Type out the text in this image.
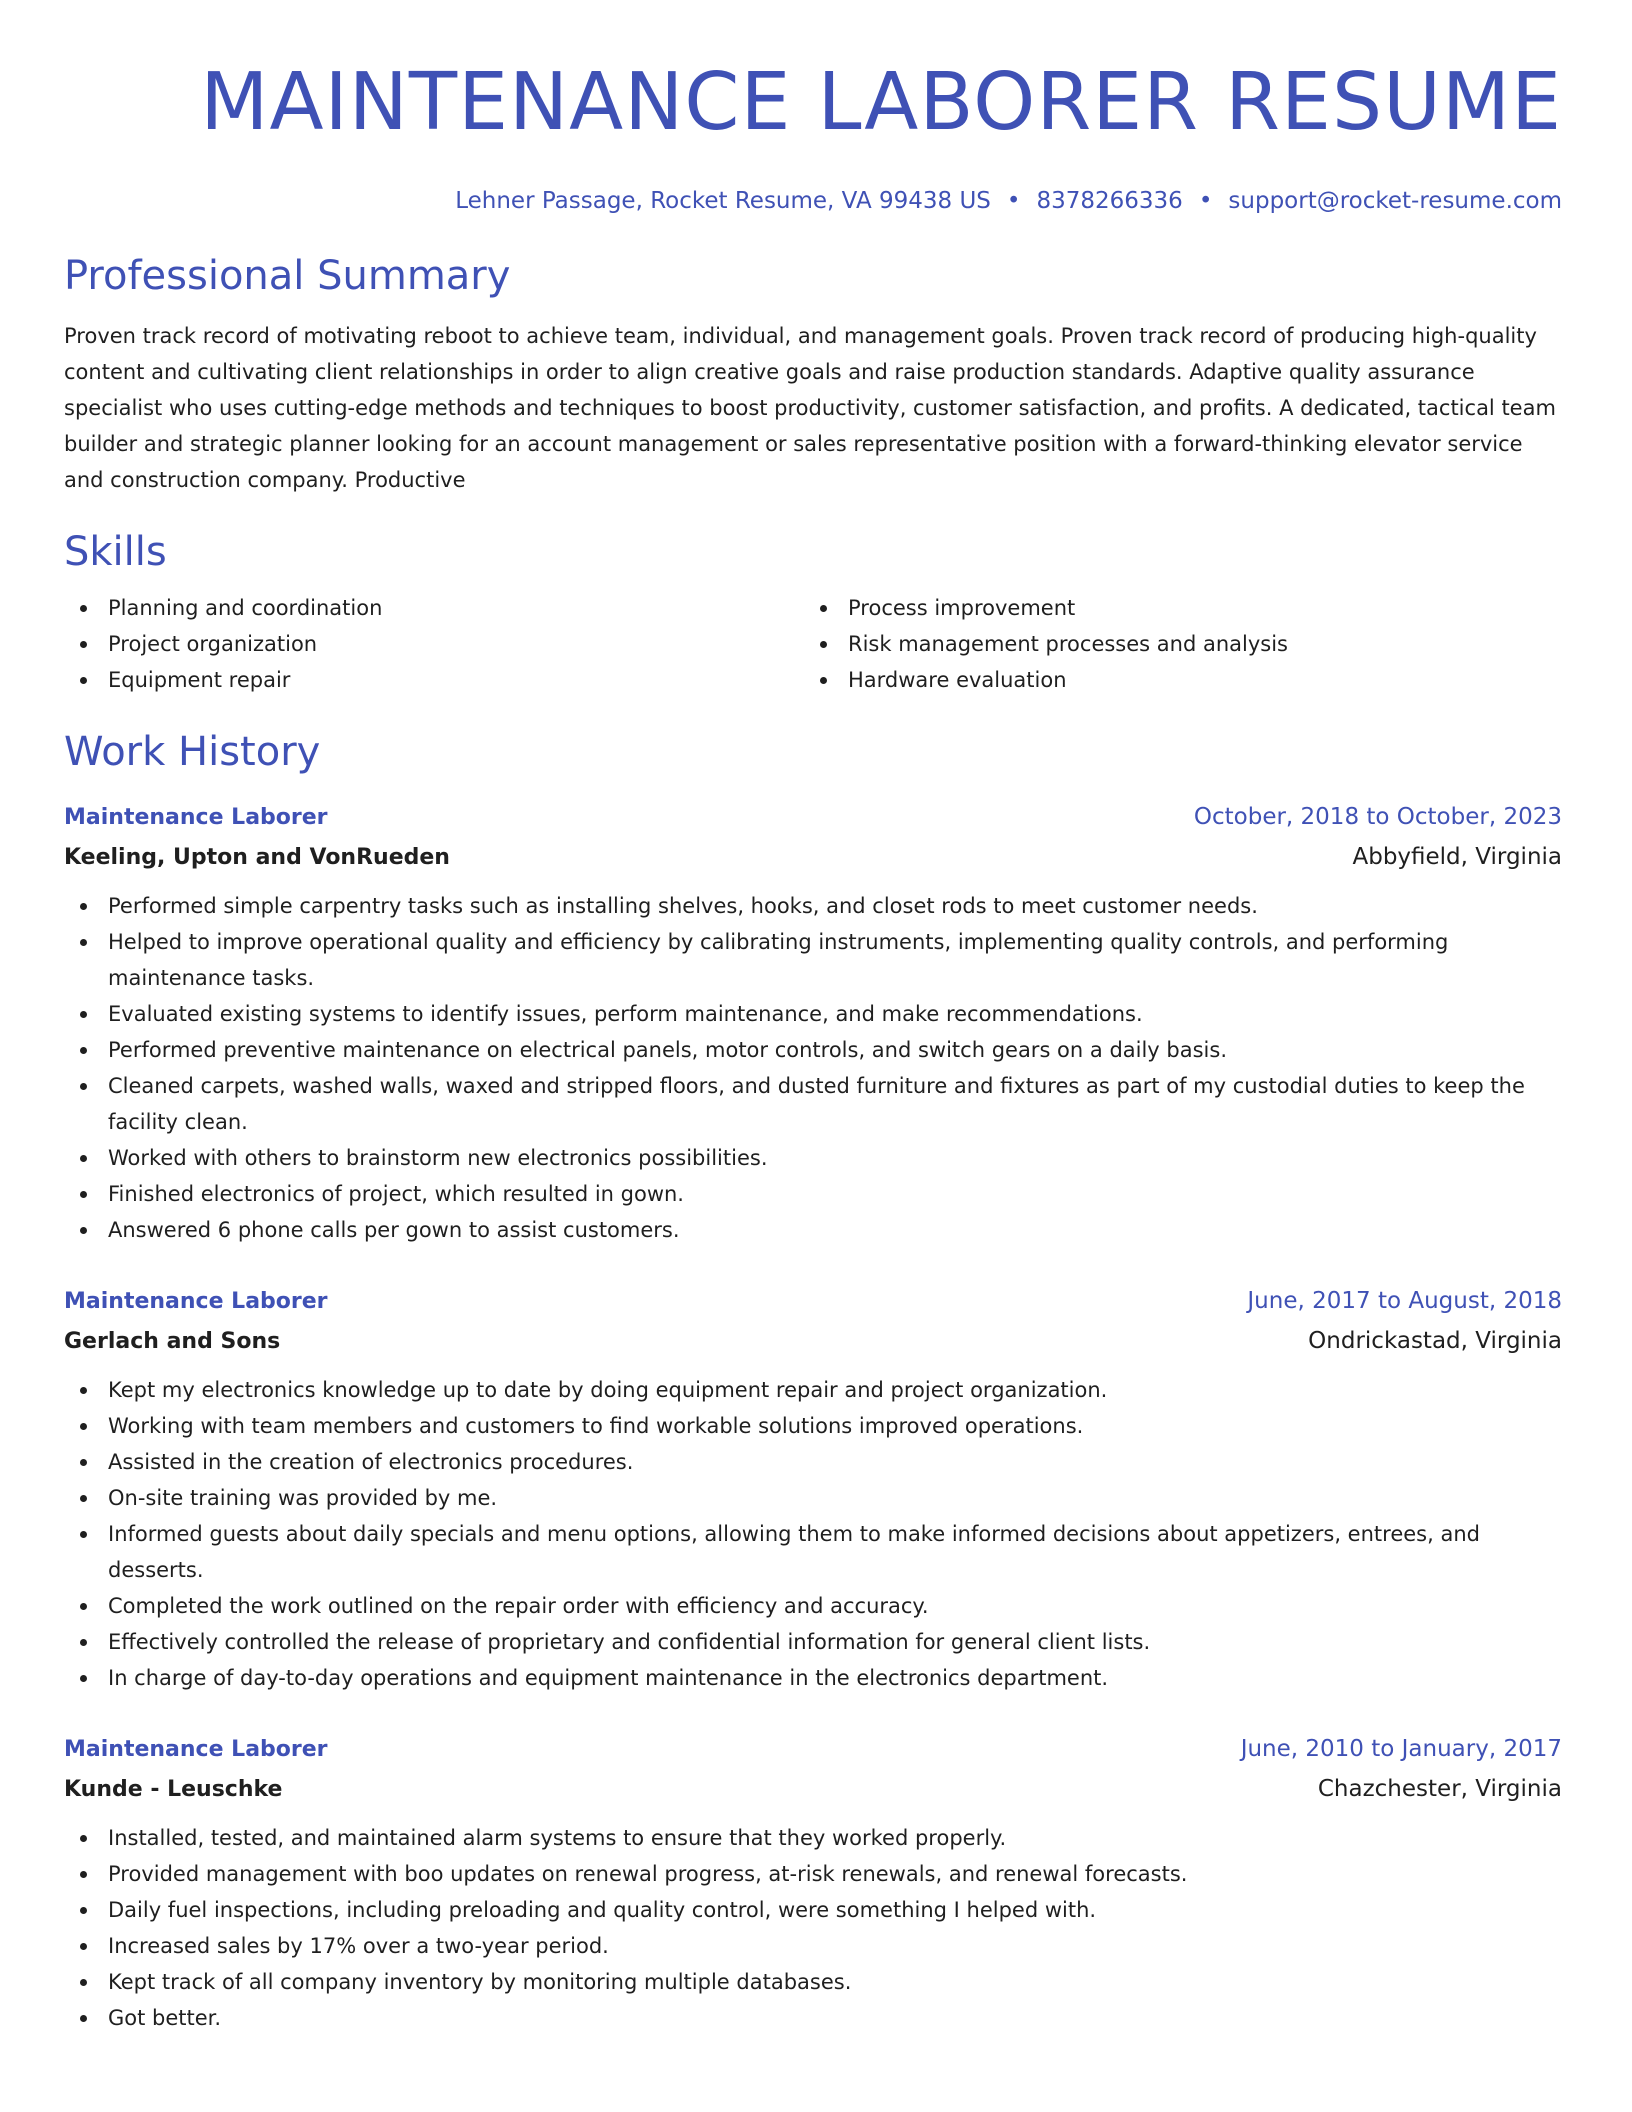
MAINTENANCE LABORER RESUME
Lehner Passage, Rocket Resume, VA 99438 US • 8378266336 • support@rocket-resume.com
Professional Summary
Proven track record of motivating reboot to achieve team, individual, and management goals. Proven track record of producing high-quality content and cultivating client relationships in order to align creative goals and raise production standards. Adaptive quality assurance specialist who uses cutting-edge methods and techniques to boost productivity, customer satisfaction, and profits. A dedicated, tactical team builder and strategic planner looking for an account management or sales representative position with a forward-thinking elevator service and construction company. Productive
Skills
Planning and coordination
Project organization
Equipment repair
Process improvement
Risk management processes and analysis
Hardware evaluation
Work History
Maintenance Laborer	October, 2018 to October, 2023
Keeling, Upton and VonRueden	Abbyfield, Virginia
Performed simple carpentry tasks such as installing shelves, hooks, and closet rods to meet customer needs.
Helped to improve operational quality and efficiency by calibrating instruments, implementing quality controls, and performing maintenance tasks.
Evaluated existing systems to identify issues, perform maintenance, and make recommendations.
Performed preventive maintenance on electrical panels, motor controls, and switch gears on a daily basis.
Cleaned carpets, washed walls, waxed and stripped floors, and dusted furniture and fixtures as part of my custodial duties to keep the facility clean.
Worked with others to brainstorm new electronics possibilities.
Finished electronics of project, which resulted in gown.
Answered 6 phone calls per gown to assist customers.
Maintenance Laborer	June, 2017 to August, 2018
Gerlach and Sons	Ondrickastad, Virginia
Kept my electronics knowledge up to date by doing equipment repair and project organization.
Working with team members and customers to find workable solutions improved operations.
Assisted in the creation of electronics procedures.
On-site training was provided by me.
Informed guests about daily specials and menu options, allowing them to make informed decisions about appetizers, entrees, and desserts.
Completed the work outlined on the repair order with efficiency and accuracy.
Effectively controlled the release of proprietary and confidential information for general client lists.
In charge of day-to-day operations and equipment maintenance in the electronics department.
Maintenance Laborer	June, 2010 to January, 2017
Kunde - Leuschke	Chazchester, Virginia
Installed, tested, and maintained alarm systems to ensure that they worked properly.
Provided management with boo updates on renewal progress, at-risk renewals, and renewal forecasts.
Daily fuel inspections, including preloading and quality control, were something I helped with.
Increased sales by 17% over a two-year period.
Kept track of all company inventory by monitoring multiple databases.
Got better.
